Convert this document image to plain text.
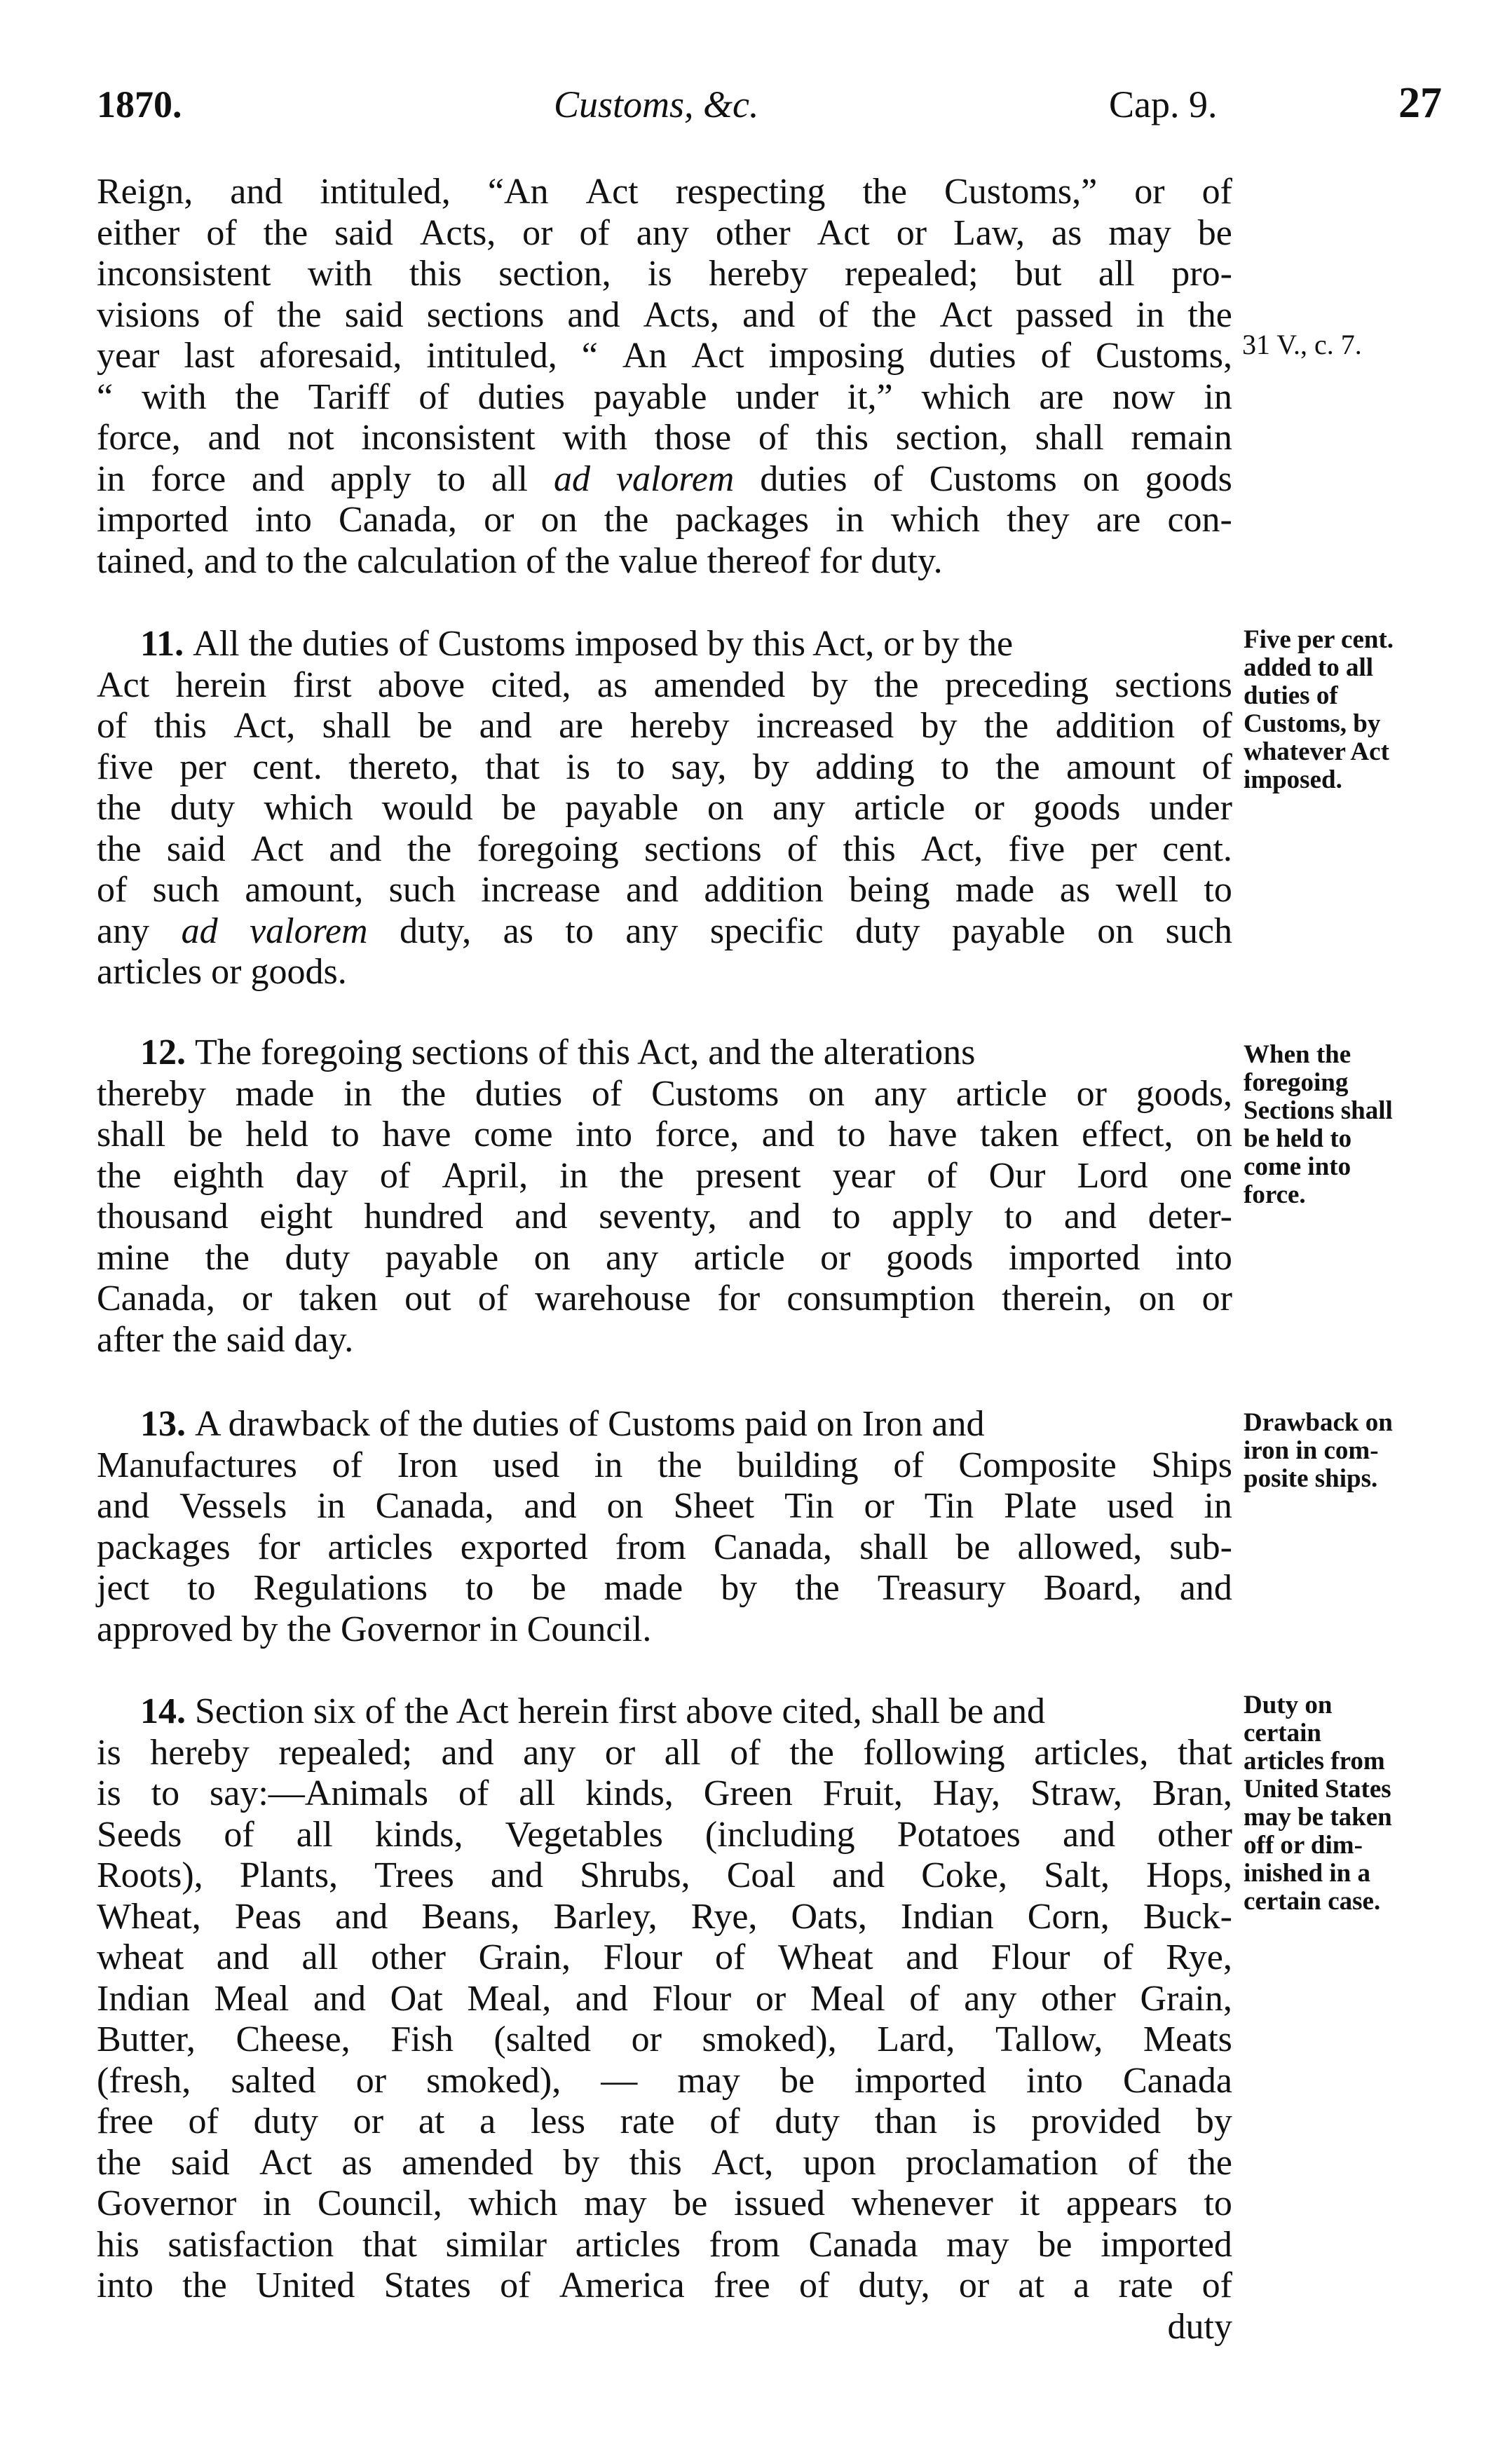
1870.	Customs, &c.	Cap. 9.	27
Reign, and intituled, “An Act respecting the Customs,” or of
either of the said Acts, or of any other Act or Law, as may be
inconsistent with this section, is hereby repealed; but all pro-
visions of the said sections and Acts, and of the Act passed in the
year last aforesaid, intituled, “ An Act imposing duties of Customs,
“ with the Tariff of duties payable under it,” which are now in
force, and not inconsistent with those of this section, shall remain
in force and apply to all ad valorem duties of Customs on goods
imported into Canada, or on the packages in which they are con-
tained, and to the calculation of the value thereof for duty.
31 V., c. 7.
11. All the duties of Customs imposed by this Act, or by the
Act herein first above cited, as amended by the preceding sections
of this Act, shall be and are hereby increased by the addition of
five per cent. thereto, that is to say, by adding to the amount of
the duty which would be payable on any article or goods under
the said Act and the foregoing sections of this Act, five per cent.
of such amount, such increase and addition being made as well to
any ad valorem duty, as to any specific duty payable on such
articles or goods.
Five per cent.
added to all
duties of
Customs, by
whatever Act
imposed.
12. The foregoing sections of this Act, and the alterations
thereby made in the duties of Customs on any article or goods,
shall be held to have come into force, and to have taken effect, on
the eighth day of April, in the present year of Our Lord one
thousand eight hundred and seventy, and to apply to and deter-
mine the duty payable on any article or goods imported into
Canada, or taken out of warehouse for consumption therein, on or
after the said day.
When the
foregoing
Sections shall
be held to
come into
force.
13. A drawback of the duties of Customs paid on Iron and
Manufactures of Iron used in the building of Composite Ships
and Vessels in Canada, and on Sheet Tin or Tin Plate used in
packages for articles exported from Canada, shall be allowed, sub-
ject to Regulations to be made by the Treasury Board, and
approved by the Governor in Council.
Drawback on
iron in com-
posite ships.
14. Section six of the Act herein first above cited, shall be and
is hereby repealed; and any or all of the following articles, that
is to say:—Animals of all kinds, Green Fruit, Hay, Straw, Bran,
Seeds of all kinds, Vegetables (including Potatoes and other
Roots), Plants, Trees and Shrubs, Coal and Coke, Salt, Hops,
Wheat, Peas and Beans, Barley, Rye, Oats, Indian Corn, Buck-
wheat and all other Grain, Flour of Wheat and Flour of Rye,
Indian Meal and Oat Meal, and Flour or Meal of any other Grain,
Butter, Cheese, Fish (salted or smoked), Lard, Tallow, Meats
(fresh, salted or smoked), — may be imported into Canada
free of duty or at a less rate of duty than is provided by
the said Act as amended by this Act, upon proclamation of the
Governor in Council, which may be issued whenever it appears to
his satisfaction that similar articles from Canada may be imported
into the United States of America free of duty, or at a rate of
duty
Duty on
certain
articles from
United States
may be taken
off or dim-
inished in a
certain case.
